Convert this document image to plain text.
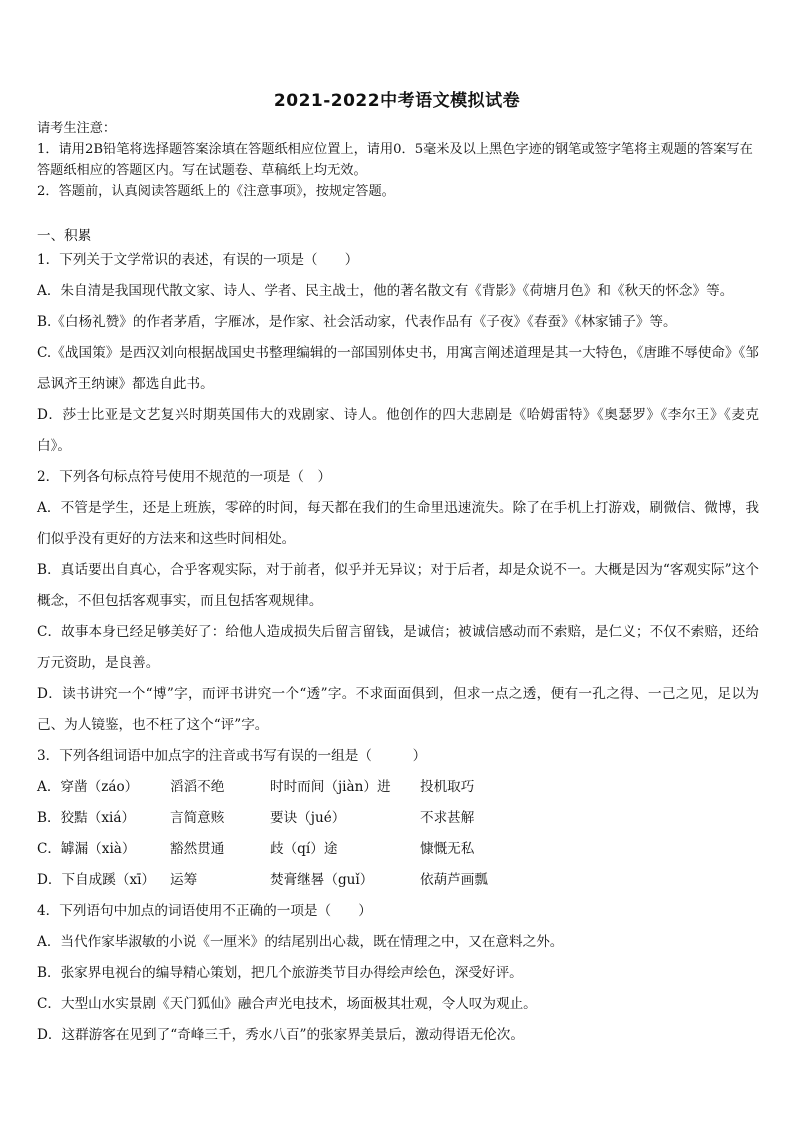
2021-2022中考语文模拟试卷

请考生注意：

1．请用2B铅笔将选择题答案涂填在答题纸相应位置上，请用0．5毫米及以上黑色字迹的钢笔或签字笔将主观题的答案写在答题纸相应的答题区内。写在试题卷、草稿纸上均无效。

2．答题前，认真阅读答题纸上的《注意事项》，按规定答题。

一、积累

1．下列关于文学常识的表述，有误的一项是（　　）

A．朱自清是我国现代散文家、诗人、学者、民主战士，他的著名散文有《背影》《荷塘月色》和《秋天的怀念》等。

B.《白杨礼赞》的作者茅盾，字雁冰，是作家、社会活动家，代表作品有《子夜》《春蚕》《林家铺子》等。

C.《战国策》是西汉刘向根据战国史书整理编辑的一部国别体史书，用寓言阐述道理是其一大特色，《唐雎不辱使命》《邹忌讽齐王纳谏》都选自此书。

D．莎士比亚是文艺复兴时期英国伟大的戏剧家、诗人。他创作的四大悲剧是《哈姆雷特》《奥瑟罗》《李尔王》《麦克白》。

2．下列各句标点符号使用不规范的一项是（　）

A．不管是学生，还是上班族，零碎的时间，每天都在我们的生命里迅速流失。除了在手机上打游戏，刷微信、微博，我们似乎没有更好的方法来和这些时间相处。

B．真话要出自真心，合乎客观实际，对于前者，似乎并无异议；对于后者，却是众说不一。大概是因为“客观实际”这个概念，不但包括客观事实，而且包括客观规律。

C．故事本身已经足够美好了：给他人造成损失后留言留钱，是诚信；被诚信感动而不索赔，是仁义；不仅不索赔，还给万元资助，是良善。

D．读书讲究一个“博”字，而评书讲究一个“透”字。不求面面俱到，但求一点之透，便有一孔之得、一己之见，足以为己、为人镜鉴，也不枉了这个“评”字。

3．下列各组词语中加点字的注音或书写有误的一组是（　　　）

A．穿凿（záo）	滔滔不绝	时时而间（jiàn）进	投机取巧
B．狡黠（xiá）	言简意赅	要诀（jué）	不求甚解
C．罅漏（xià）	豁然贯通	歧（qí）途	慷慨无私
D．下自成蹊（xī）	运筹	焚膏继晷（guǐ）	依葫芦画瓢

4．下列语句中加点的词语使用不正确的一项是（　　）

A．当代作家毕淑敏的小说《一厘米》的结尾别出心裁，既在情理之中，又在意料之外。

B．张家界电视台的编导精心策划，把几个旅游类节目办得绘声绘色，深受好评。

C．大型山水实景剧《天门狐仙》融合声光电技术，场面极其壮观，令人叹为观止。

D．这群游客在见到了“奇峰三千，秀水八百”的张家界美景后，激动得语无伦次。
